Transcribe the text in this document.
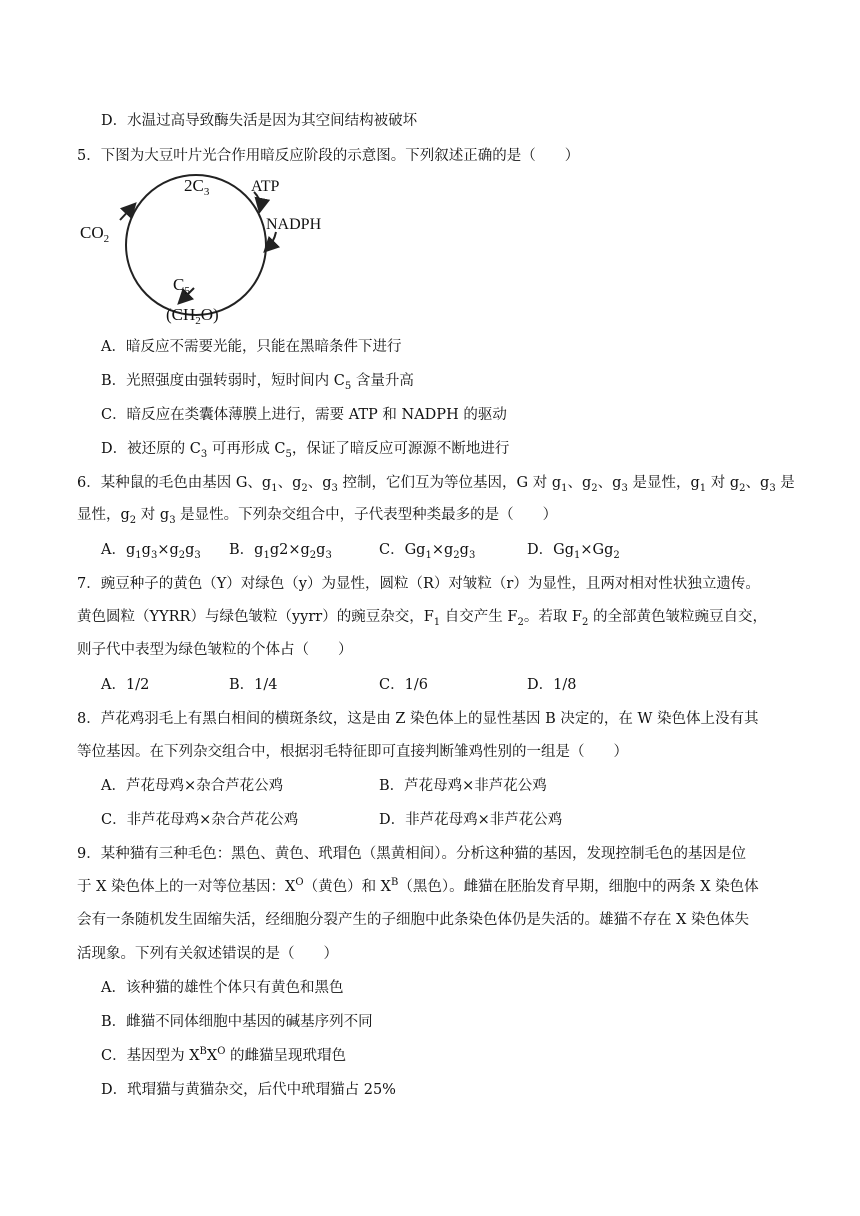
D．水温过高导致酶失活是因为其空间结构被破坏
5．下图为大豆叶片光合作用暗反应阶段的示意图。下列叙述正确的是（　　）
$2C_3$	ATP
NADPH
$CO_2$
$C_5$
$(CH_2O)$
A．暗反应不需要光能，只能在黑暗条件下进行
B．光照强度由强转弱时，短时间内 $C_5$ 含量升高
C．暗反应在类囊体薄膜上进行，需要 ATP 和 NADPH 的驱动
D．被还原的 $C_3$ 可再形成 $C_5$，保证了暗反应可源源不断地进行
6．某种鼠的毛色由基因 G、$g_1$、$g_2$、$g_3$ 控制，它们互为等位基因，G 对 $g_1$、$g_2$、$g_3$ 是显性，$g_1$ 对 $g_2$、$g_3$ 是
显性，$g_2$ 对 $g_3$ 是显性。下列杂交组合中，子代表型种类最多的是（　　）
A．$g_1g_3\times g_2g_3$ B．$g_1g2\times g_2g_3$	C．$Gg_1\times g_2g_3$	D．$Gg_1\times Gg_2$
7．豌豆种子的黄色（Y）对绿色（y）为显性，圆粒（R）对皱粒（r）为显性，且两对相对性状独立遗传。
黄色圆粒（YYRR）与绿色皱粒（yyrr）的豌豆杂交，$F_1$ 自交产生 $F_2$。若取 $F_2$ 的全部黄色皱粒豌豆自交，
则子代中表型为绿色皱粒的个体占（　　）
A．1/2	B．1/4	C．1/6	D．1/8
8．芦花鸡羽毛上有黑白相间的横斑条纹，这是由 Z 染色体上的显性基因 B 决定的，在 W 染色体上没有其
等位基因。在下列杂交组合中，根据羽毛特征即可直接判断雏鸡性别的一组是（　　）
A．芦花母鸡×杂合芦花公鸡	B．芦花母鸡×非芦花公鸡
C．非芦花母鸡×杂合芦花公鸡	D．非芦花母鸡×非芦花公鸡
9．某种猫有三种毛色：黑色、黄色、玳瑁色（黑黄相间）。分析这种猫的基因，发现控制毛色的基因是位
于 X 染色体上的一对等位基因：$X^O$（黄色）和 $X^B$（黑色）。雌猫在胚胎发育早期，细胞中的两条 X 染色体
会有一条随机发生固缩失活，经细胞分裂产生的子细胞中此条染色体仍是失活的。雄猫不存在 X 染色体失
活现象。下列有关叙述错误的是（　　）
A．该种猫的雄性个体只有黄色和黑色
B．雌猫不同体细胞中基因的碱基序列不同
C．基因型为 $X^BX^O$ 的雌猫呈现玳瑁色
D．玳瑁猫与黄猫杂交，后代中玳瑁猫占 25%
